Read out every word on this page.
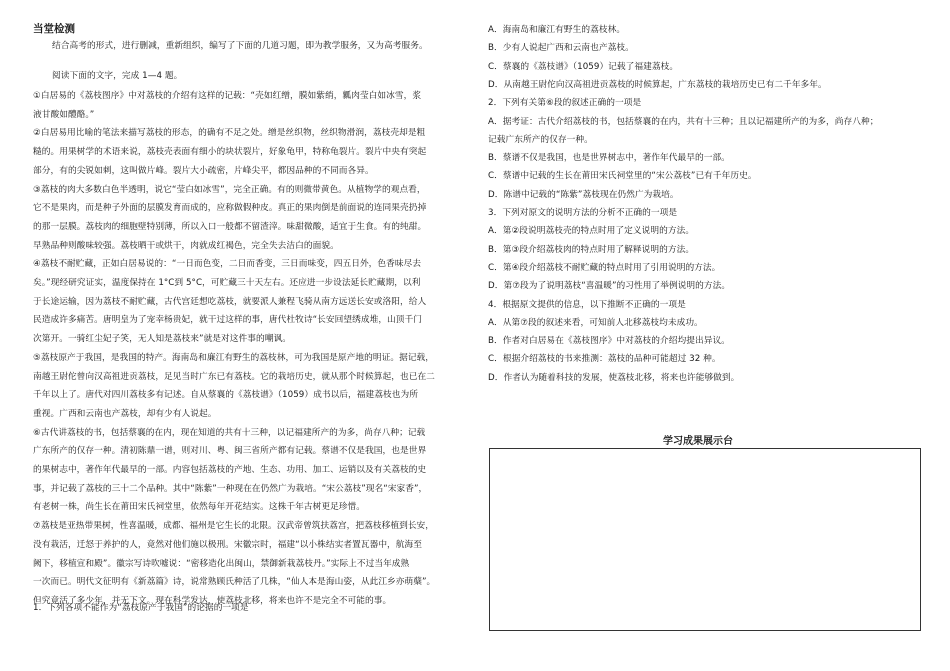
当堂检测
结合高考的形式，进行删减，重新组织，编写了下面的几道习题，即为教学服务，又为高考服务。
阅读下面的文字，完成 1—4 题。
①白居易的《荔枝图序》中对荔枝的介绍有这样的记载：“壳如红缯，膜如紫绡，瓤肉莹白如冰雪，浆
液甘酸如醴酪。”
②白居易用比喻的笔法来描写荔枝的形态，的确有不足之处。缯是丝织物，丝织物滑润，荔枝壳却是粗
糙的。用果树学的术语来说，荔枝壳表面有细小的块状裂片，好象龟甲，特称龟裂片。裂片中央有突起
部分，有的尖锐如刺，这叫做片峰。裂片大小疏密，片峰尖平，都因品种的不同而各异。
③荔枝的肉大多数白色半透明，说它“莹白如冰雪”，完全正确。有的则微带黄色。从植物学的观点看，
它不是果肉，而是种子外面的层膜发育而成的，应称做假种皮。真正的果肉倒是前面说的连同果壳扔掉
的那一层膜。荔枝肉的细胞壁特别薄，所以入口一般都不留渣滓。味甜微酸，适宜于生食。有的纯甜。
早熟品种则酸味较强。荔枝晒干或烘干，肉就成红褐色，完全失去洁白的面貌。
④荔枝不耐贮藏，正如白居易说的：“一日而色变，二日而香变，三日而味变，四五日外，色香味尽去
矣。”现经研究证实，温度保持在 1°C到 5°C，可贮藏三十天左右。还应进一步设法延长贮藏期，以利
于长途运输，因为荔枝不耐贮藏，古代宫廷想吃荔枝，就要派人兼程飞骑从南方远送长安或洛阳，给人
民造成许多痛苦。唐明皇为了宠幸杨贵妃，就干过这样的事，唐代杜牧诗“长安回望绣成堆，山顶千门
次第开。一骑红尘妃子笑，无人知是荔枝来”就是对这件事的嘲讽。
⑤荔枝原产于我国，是我国的特产。海南岛和廉江有野生的荔枝林，可为我国是原产地的明证。据记载，
南越王尉佗曾向汉高祖进贡荔枝，足见当时广东已有荔枝。它的栽培历史，就从那个时候算起，也已在二
千年以上了。唐代对四川荔枝多有记述。自从蔡襄的《荔枝谱》（1059）成书以后，福建荔枝也为所
重视。广西和云南也产荔枝，却有少有人说起。
⑥古代讲荔枝的书，包括蔡襄的在内，现在知道的共有十三种，以记福建所产的为多，尚存八种；记载
广东所产的仅存一种。清初陈鼎一谱，则对川、粤、闽三省所产都有记载。蔡谱不仅是我国，也是世界
的果树志中，著作年代最早的一部。内容包括荔枝的产地、生态、功用、加工、运销以及有关荔枝的史
事，并记载了荔枝的三十二个品种。其中“陈紫”一种现在在仍然广为栽培。“宋公荔枝”现名“宋家香”，
有老树一株，尚生长在莆田宋氏祠堂里，依然每年开花结实。这株千年古树更足珍惜。
⑦荔枝是亚热带果树，性喜温暖，成都、福州是它生长的北限。汉武帝曾筑扶荔宫，把荔枝移植到长安，
没有栽活，迁怒于养护的人，竟然对他们施以极刑。宋徽宗时，福建“以小株结实者置瓦器中，航海至
阙下，移植宣和殿”。徽宗写诗吹嘘说：“密移造化出闽山，禁御新栽荔枝丹。”实际上不过当年成熟
一次而已。明代文征明有《新荔篇》诗，说常熟顾氏种活了几株，“仙人本是海山姿，从此江乡亦萌蘖”。
但究竟活了多少年，并无下文。现在科学发达，使荔枝北移，将来也许不是完全不可能的事。
1．下列各项不能作为“荔枝原产于我国”的论据的一项是
A．海南岛和廉江有野生的荔枝林。
B．少有人说起广西和云南也产荔枝。
C．蔡襄的《荔枝谱》（1059）记载了福建荔枝。
D．从南越王尉佗向汉高祖进贡荔枝的时候算起，广东荔枝的栽培历史已有二千年多年。
2．下列有关第⑥段的叙述正确的一项是
A．据考证：古代介绍荔枝的书，包括蔡襄的在内，共有十三种；且以记福建所产的为多，尚存八种；
记载广东所产的仅存一种。
B．蔡谱不仅是我国，也是世界树志中，著作年代最早的一部。
C．蔡谱中记载的生长在莆田宋氏祠堂里的“宋公荔枝”已有千年历史。
D．陈谱中记载的“陈紫”荔枝现在仍然广为栽培。
3．下列对原文的说明方法的分析不正确的一项是
A．第②段说明荔枝壳的特点时用了定义说明的方法。
B．第③段介绍荔枝肉的特点时用了解释说明的方法。
C．第④段介绍荔枝不耐贮藏的特点时用了引用说明的方法。
D．第⑦段为了说明荔枝“喜温暖”的习性用了举例说明的方法。
4．根据原文提供的信息，以下推断不正确的一项是
A．从第⑦段的叙述来看，可知前人北移荔枝均未成功。
B．作者对白居易在《荔枝图序》中对荔枝的介绍均提出异议。
C．根据介绍荔枝的书来推测：荔枝的品种可能超过 32 种。
D．作者认为随着科技的发展，使荔枝北移，将来也许能够做到。
学习成果展示台
